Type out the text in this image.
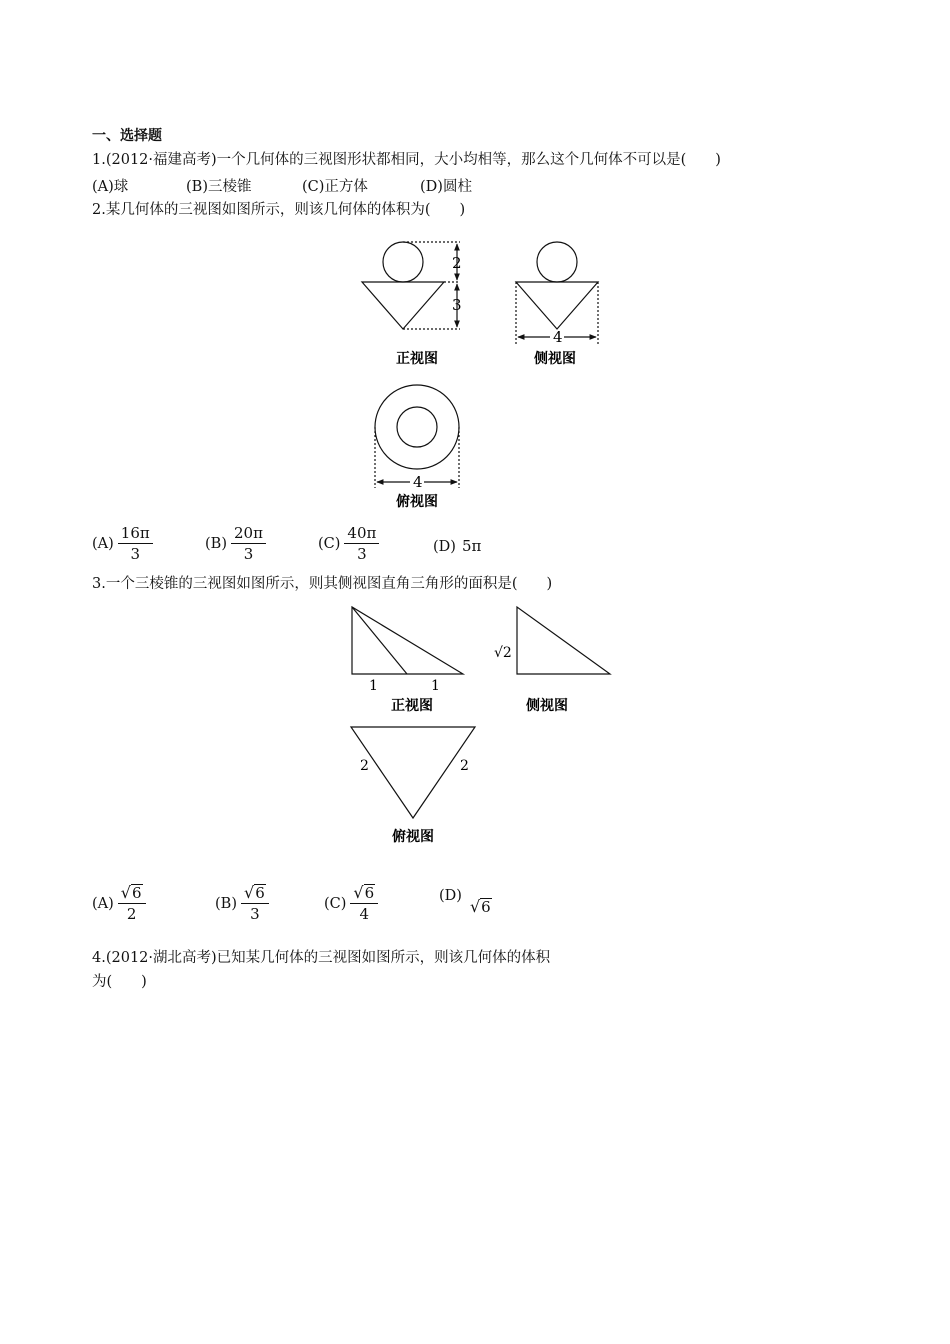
一、选择题
1.(2012·福建高考)一个几何体的三视图形状都相同，大小均相等，那么这个几何体不可以是(　　)
(A)球	(B)三棱锥	(C)正方体	(D)圆柱
2.某几何体的三视图如图所示，则该几何体的体积为(　　)
2
3
正视图
4
侧视图
4
俯视图
1	1
正视图
√2
侧视图
2	2
俯视图
$(A) \frac{16\pi}{3}$	$(B) \frac{20\pi}{3}$	$(C) \frac{40\pi}{3}$	(D) 5π
3.一个三棱锥的三视图如图所示，则其侧视图直角三角形的面积是(　　)
$(A) \frac{√ 6}{2}$	$(B) \frac{√ 6}{3}$	$(C) \frac{√ 6}{4}$	(D)
√ 6
4.(2012·湖北高考)已知某几何体的三视图如图所示，则该几何体的体积
为(　　)
